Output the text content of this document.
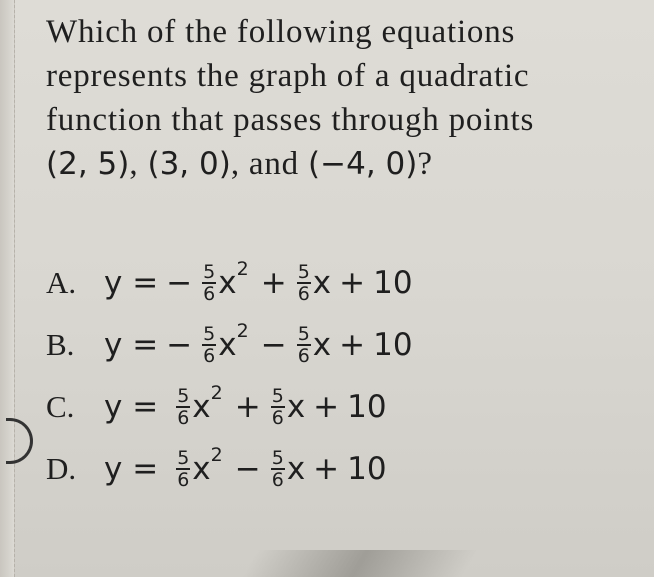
Which of the following equations
represents the graph of a quadratic
function that passes through points
(2, 5), (3, 0), and (−4, 0)?
A. y = − $\frac{5}{6}$ x $2 + \frac{5}{6}$ x + 10
B. y = − $\frac{5}{6}$ x $2 - \frac{5}{6}$ x + 10
C. $y = \frac{5}{6}$ x $2 + \frac{5}{6}$ x + 10
D. $y = \frac{5}{6}$ x $2 - \frac{5}{6}$ x + 10
